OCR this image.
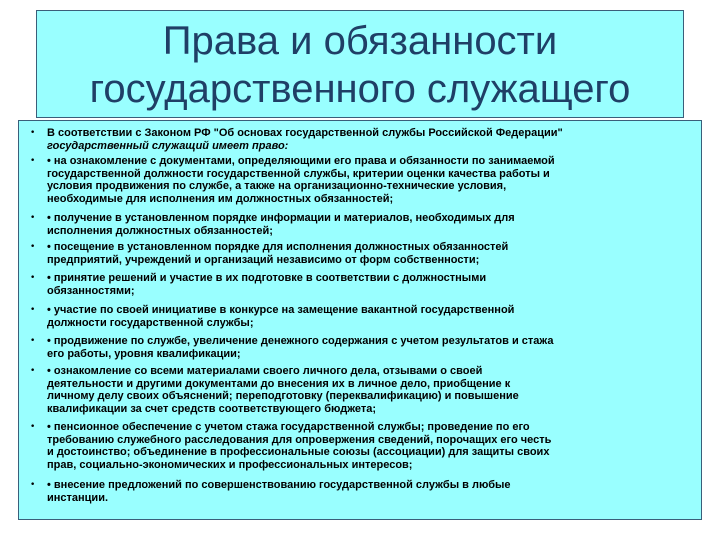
Права и обязанности
государственного служащего
• В соответствии с Законом РФ "Об основах государственной службы Российской Федерации"
государственный служащий имеет право:
• • на ознакомление с документами, определяющими его права и обязанности по занимаемой
государственной должности государственной службы, критерии оценки качества работы и
условия продвижения по службе, а также на организационно-технические условия,
необходимые для исполнения им должностных обязанностей;
• • получение в установленном порядке информации и материалов, необходимых для
исполнения должностных обязанностей;
• • посещение в установленном порядке для исполнения должностных обязанностей
предприятий, учреждений и организаций независимо от форм собственности;
• • принятие решений и участие в их подготовке в соответствии с должностными
обязанностями;
• • участие по своей инициативе в конкурсе на замещение вакантной государственной
должности государственной службы;
• • продвижение по службе, увеличение денежного содержания с учетом результатов и стажа
его работы, уровня квалификации;
• • ознакомление со всеми материалами своего личного дела, отзывами о своей
деятельности и другими документами до внесения их в личное дело, приобщение к
личному делу своих объяснений; переподготовку (переквалификацию) и повышение
квалификации за счет средств соответствующего бюджета;
• • пенсионное обеспечение с учетом стажа государственной службы; проведение по его
требованию служебного расследования для опровержения сведений, порочащих его честь
и достоинство; объединение в профессиональные союзы (ассоциации) для защиты своих
прав, социально-экономических и профессиональных интересов;
• • внесение предложений по совершенствованию государственной службы в любые
инстанции.
